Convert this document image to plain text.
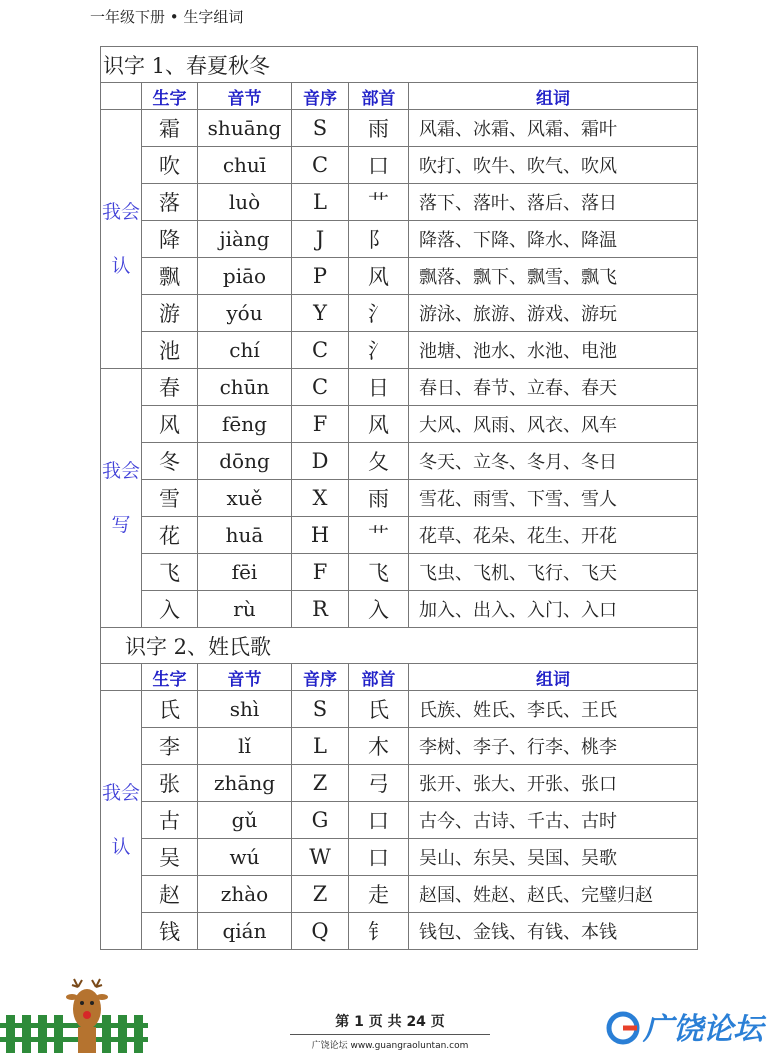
一年级下册 • 生字组词
识字 1、春夏秋冬					
	生字	音节	音序	部首	组词
我会认	霜	shuāng	S	雨	风霜、冰霜、风霜、霜叶
	吹	chuī	C	口	吹打、吹牛、吹气、吹风
	落	luò	L	艹	落下、落叶、落后、落日
	降	jiàng	J	阝	降落、下降、降水、降温
	飘	piāo	P	风	飘落、飘下、飘雪、飘飞
	游	yóu	Y	氵	游泳、旅游、游戏、游玩
	池	chí	C	氵	池塘、池水、水池、电池
我会写	春	chūn	C	日	春日、春节、立春、春天
	风	fēng	F	风	大风、风雨、风衣、风车
	冬	dōng	D	夂	冬天、立冬、冬月、冬日
	雪	xuě	X	雨	雪花、雨雪、下雪、雪人
	花	huā	H	艹	花草、花朵、花生、开花
	飞	fēi	F	飞	飞虫、飞机、飞行、飞天
	入	rù	R	入	加入、出入、入门、入口
识字 2、姓氏歌					
	生字	音节	音序	部首	组词
我会认	氏	shì	S	氏	氏族、姓氏、李氏、王氏
	李	lǐ	L	木	李树、李子、行李、桃李
	张	zhāng	Z	弓	张开、张大、开张、张口
	古	gǔ	G	口	古今、古诗、千古、古时
	吴	wú	W	口	吴山、东吴、吴国、吴歌
	赵	zhào	Z	走	赵国、姓赵、赵氏、完璧归赵
	钱	qián	Q	钅	钱包、金钱、有钱、本钱
第 1 页 共 24 页
广饶论坛 www.guangraoluntan.com	广饶论坛
